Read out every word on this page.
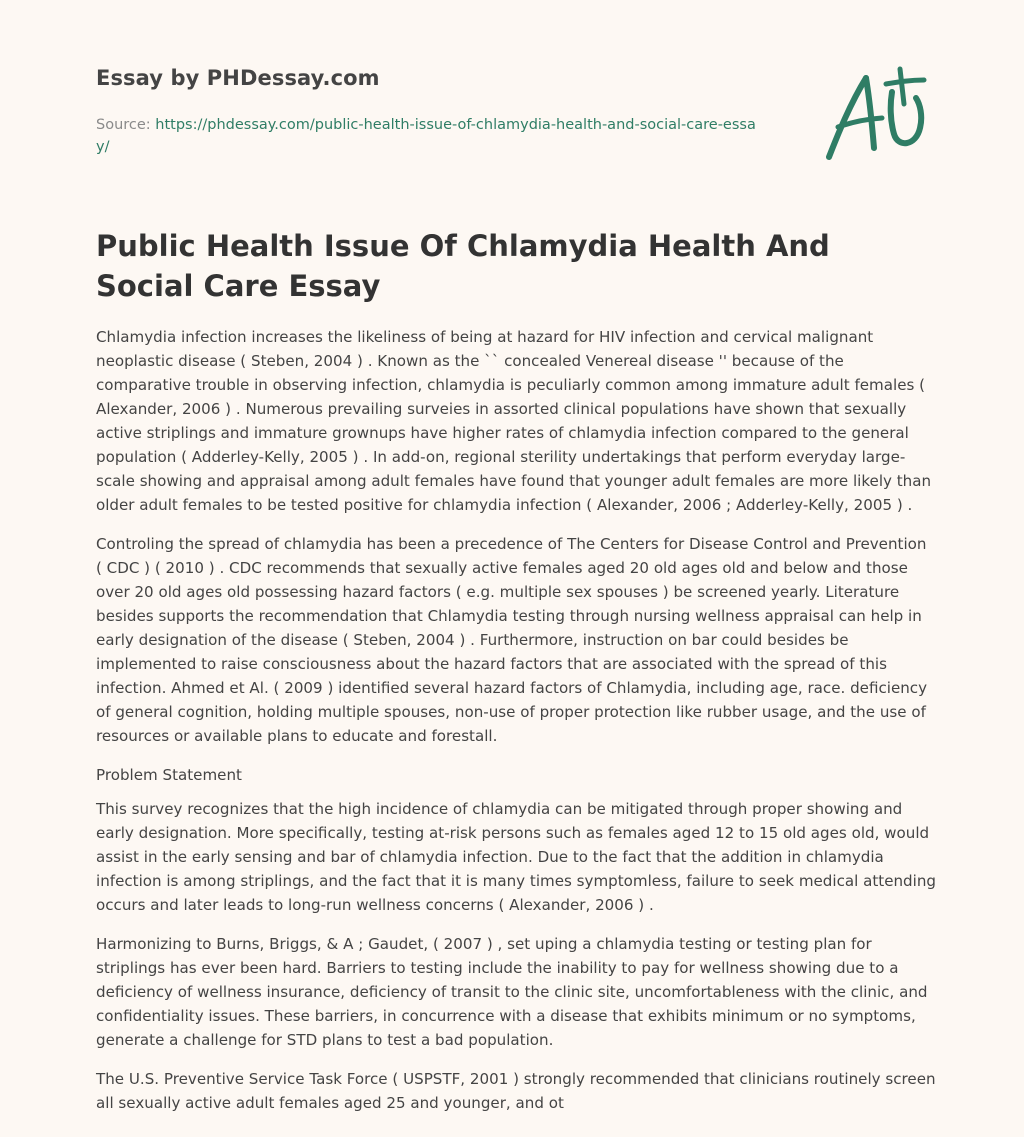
Essay by PHDessay.com
Source: https://phdessay.com/public-health-issue-of-chlamydia-health-and-social-care-essay/
Public Health Issue Of Chlamydia Health And Social Care Essay

Chlamydia infection increases the likeliness of being at hazard for HIV infection and cervical malignant neoplastic disease ( Steben, 2004 ) . Known as the `` concealed Venereal disease '' because of the comparative trouble in observing infection, chlamydia is peculiarly common among immature adult females ( Alexander, 2006 ) . Numerous prevailing surveies in assorted clinical populations have shown that sexually active striplings and immature grownups have higher rates of chlamydia infection compared to the general population ( Adderley-Kelly, 2005 ) . In add-on, regional sterility undertakings that perform everyday large-scale showing and appraisal among adult females have found that younger adult females are more likely than older adult females to be tested positive for chlamydia infection ( Alexander, 2006 ; Adderley-Kelly, 2005 ) .

Controling the spread of chlamydia has been a precedence of The Centers for Disease Control and Prevention ( CDC ) ( 2010 ) . CDC recommends that sexually active females aged 20 old ages old and below and those over 20 old ages old possessing hazard factors ( e.g. multiple sex spouses ) be screened yearly. Literature besides supports the recommendation that Chlamydia testing through nursing wellness appraisal can help in early designation of the disease ( Steben, 2004 ) . Furthermore, instruction on bar could besides be implemented to raise consciousness about the hazard factors that are associated with the spread of this infection. Ahmed et Al. ( 2009 ) identified several hazard factors of Chlamydia, including age, race. deficiency of general cognition, holding multiple spouses, non-use of proper protection like rubber usage, and the use of resources or available plans to educate and forestall.

Problem Statement

This survey recognizes that the high incidence of chlamydia can be mitigated through proper showing and early designation. More specifically, testing at-risk persons such as females aged 12 to 15 old ages old, would assist in the early sensing and bar of chlamydia infection. Due to the fact that the addition in chlamydia infection is among striplings, and the fact that it is many times symptomless, failure to seek medical attending occurs and later leads to long-run wellness concerns ( Alexander, 2006 ) .

Harmonizing to Burns, Briggs, & A ; Gaudet, ( 2007 ) , set uping a chlamydia testing or testing plan for striplings has ever been hard. Barriers to testing include the inability to pay for wellness showing due to a deficiency of wellness insurance, deficiency of transit to the clinic site, uncomfortableness with the clinic, and confidentiality issues. These barriers, in concurrence with a disease that exhibits minimum or no symptoms, generate a challenge for STD plans to test a bad population.

The U.S. Preventive Service Task Force ( USPSTF, 2001 ) strongly recommended that clinicians routinely screen all sexually active adult females aged 25 and younger, and ot
